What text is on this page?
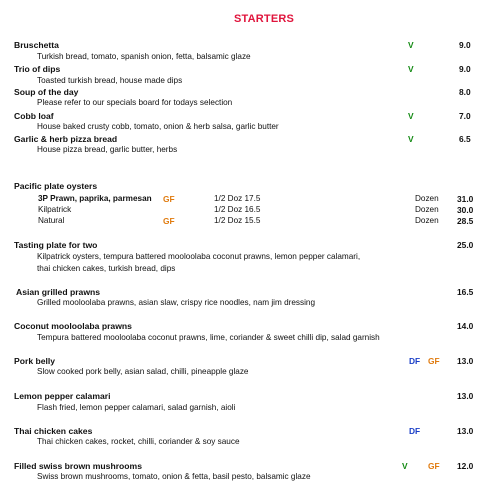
STARTERS
Bruschetta	V	9.0
Turkish bread, tomato, spanish onion, fetta, balsamic glaze
Trio of dips	V	9.0
Toasted turkish bread, house made dips
Soup of the day	8.0
Please refer to our specials board for todays selection
Cobb loaf	V	7.0
House baked crusty cobb, tomato, onion & herb salsa, garlic butter
Garlic & herb pizza bread	V	6.5
House pizza bread, garlic butter, herbs
Pacific plate oysters
3P Prawn, paprika, parmesan GF	1/2 Doz 17.5	Dozen 31.0
Kilpatrick	1/2 Doz 16.5	Dozen 30.0
Natural	GF	1/2 Doz 15.5	Dozen 28.5
Tasting plate for two	25.0
Kilpatrick oysters, tempura battered mooloolaba coconut prawns, lemon pepper calamari,
thai chicken cakes, turkish bread, dips
Asian grilled prawns	16.5
Grilled mooloolaba prawns, asian slaw, crispy rice noodles, nam jim dressing
Coconut mooloolaba prawns	14.0
Tempura battered mooloolaba coconut prawns, lime, coriander & sweet chilli dip, salad garnish
Pork belly	DF GF 13.0
Slow cooked pork belly, asian salad, chilli, pineapple glaze
Lemon pepper calamari	13.0
Flash fried, lemon pepper calamari, salad garnish, aioli
Thai chicken cakes	DF	13.0
Thai chicken cakes, rocket, chilli, coriander & soy sauce
Filled swiss brown mushrooms	V GF 12.0
Swiss brown mushrooms, tomato, onion & fetta, basil pesto, balsamic glaze
